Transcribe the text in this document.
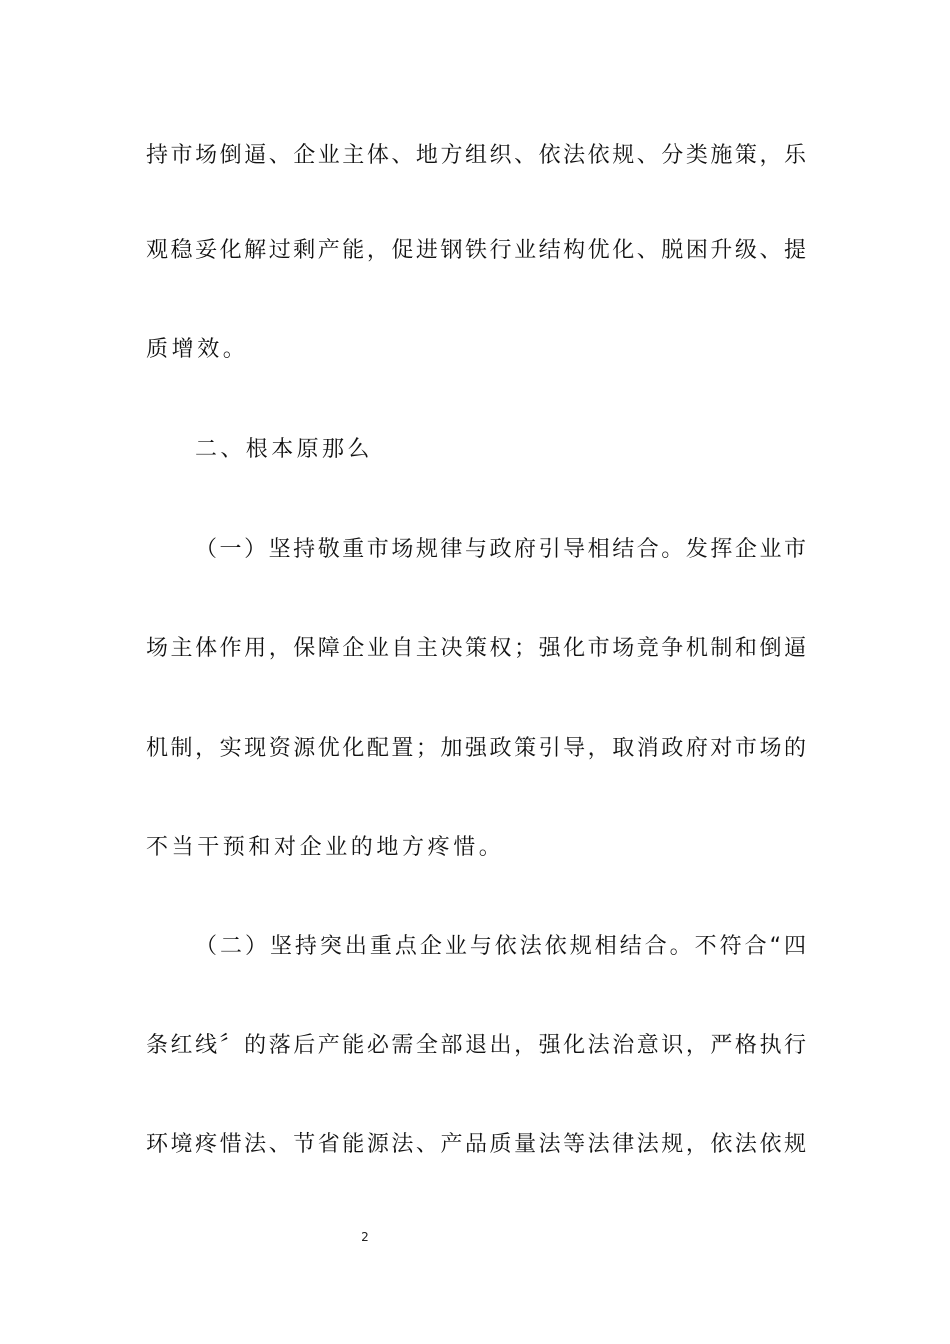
持市场倒逼、企业主体、地方组织、依法依规、分类施策，乐
观稳妥化解过剩产能，促进钢铁行业结构优化、脱困升级、提
质增效。
二、根本原那么
（一）坚持敬重市场规律与政府引导相结合。发挥企业市
场主体作用，保障企业自主决策权；强化市场竞争机制和倒逼
机制，实现资源优化配置；加强政策引导，取消政府对市场的
不当干预和对企业的地方疼惜。
（二）坚持突出重点企业与依法依规相结合。不符合“四
条红线〞的落后产能必需全部退出，强化法治意识，严格执行
环境疼惜法、节省能源法、产品质量法等法律法规，依法依规
2
